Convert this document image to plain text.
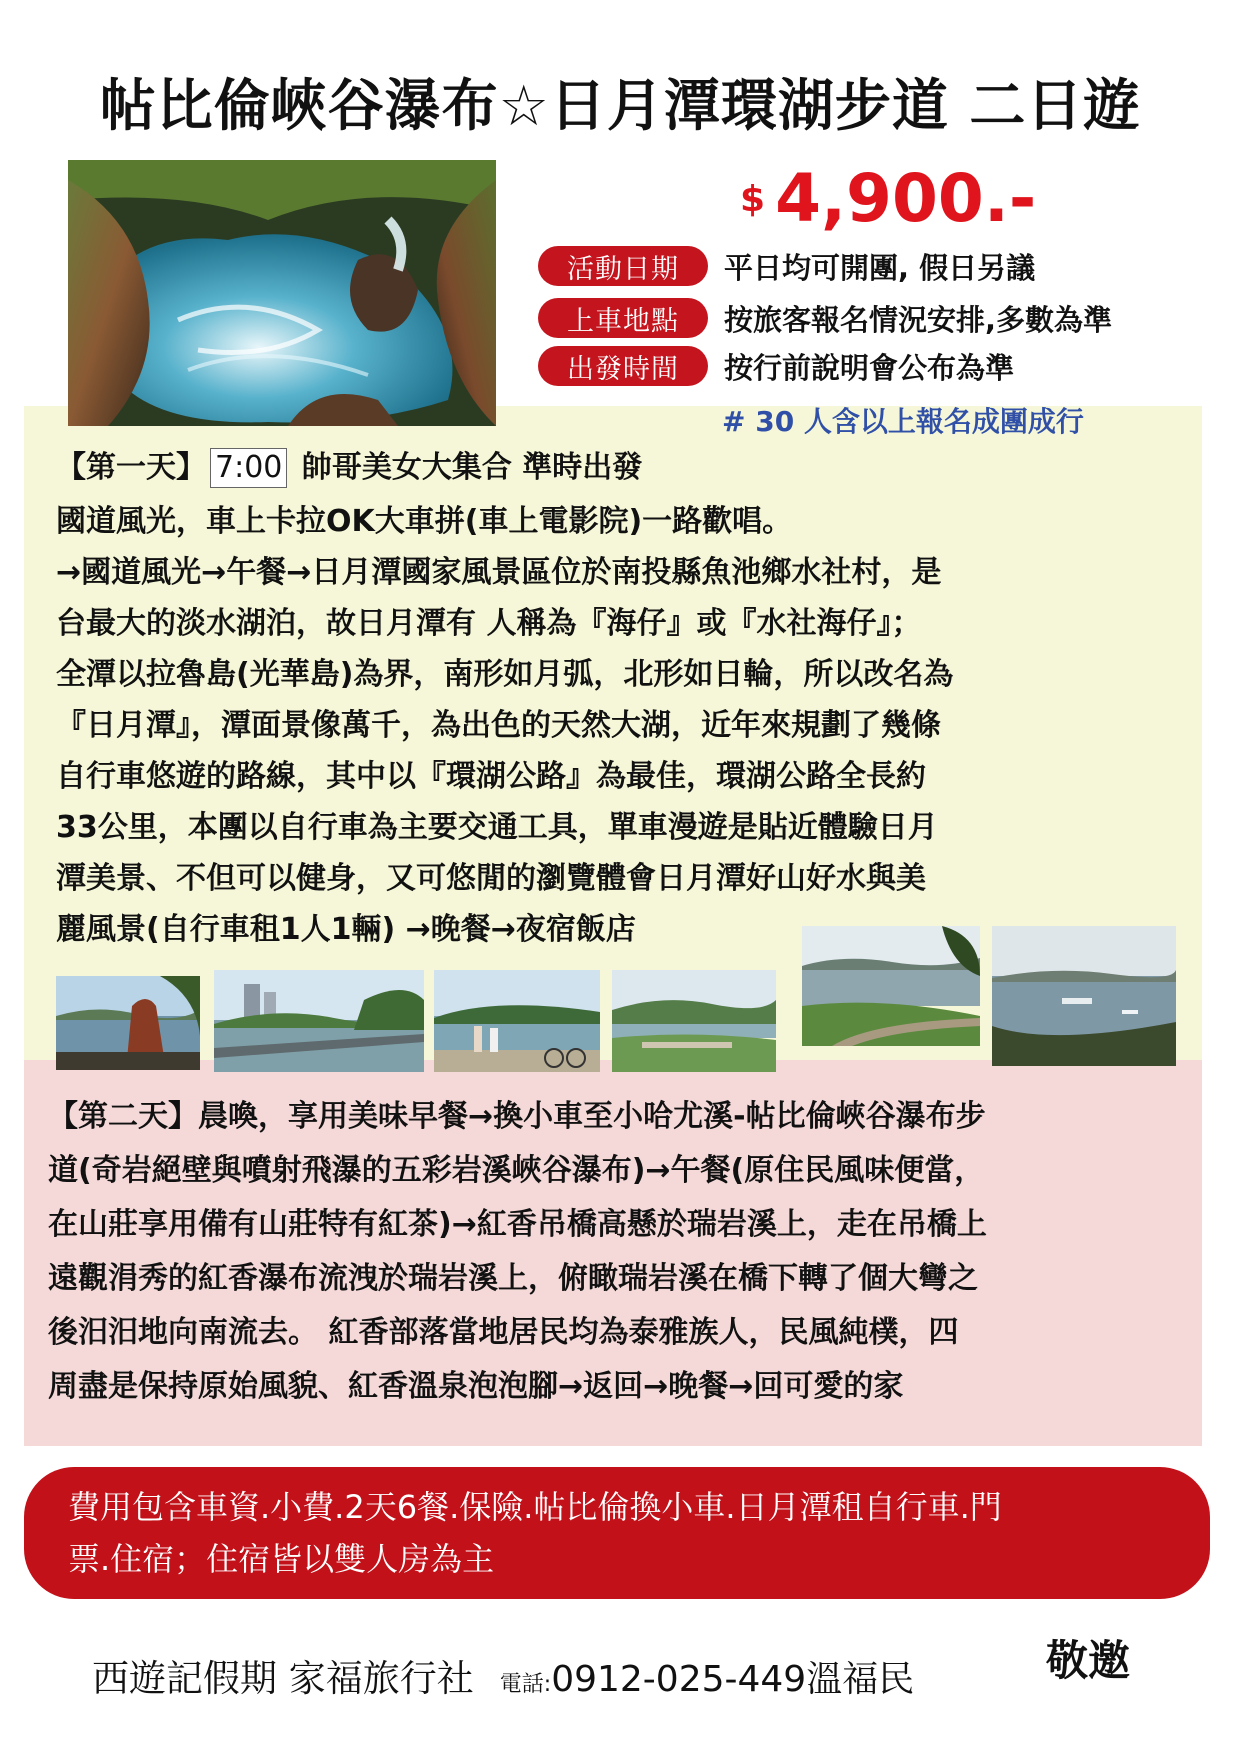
帖比倫峽谷瀑布☆日月潭環湖步道 二日遊
$ 4,900.-
活動日期	平日均可開團, 假日另議
上車地點	按旅客報名情況安排,多數為準
出發時間	按行前說明會公布為準
# 30 人含以上報名成團成行
【第一天】 7:00 帥哥美女大集合 準時出發
國道風光，車上卡拉OK大車拼(車上電影院)一路歡唱。
→國道風光→午餐→日月潭國家風景區位於南投縣魚池鄉水社村，是
台最大的淡水湖泊，故日月潭有 人稱為『海仔』或『水社海仔』；
全潭以拉魯島(光華島)為界，南形如月弧，北形如日輪，所以改名為
『日月潭』，潭面景像萬千，為出色的天然大湖，近年來規劃了幾條
自行車悠遊的路線，其中以『環湖公路』為最佳，環湖公路全長約
33公里，本團以自行車為主要交通工具，單車漫遊是貼近體驗日月
潭美景、不但可以健身，又可悠閒的瀏覽體會日月潭好山好水與美
麗風景(自行車租1人1輛) →晚餐→夜宿飯店
【第二天】晨喚，享用美味早餐→換小車至小哈尤溪-帖比倫峽谷瀑布步
道(奇岩絕壁與噴射飛瀑的五彩岩溪峽谷瀑布)→午餐(原住民風味便當，
在山莊享用備有山莊特有紅茶)→紅香吊橋高懸於瑞岩溪上，走在吊橋上
遠觀涓秀的紅香瀑布流洩於瑞岩溪上，俯瞰瑞岩溪在橋下轉了個大彎之
後汨汨地向南流去。 紅香部落當地居民均為泰雅族人，民風純樸，四
周盡是保持原始風貌、紅香溫泉泡泡腳→返回→晚餐→回可愛的家
費用包含車資.小費.2天6餐.保險.帖比倫換小車.日月潭租自行車.門
票.住宿；住宿皆以雙人房為主
西遊記假期 家福旅行社 電話:0912-025-449溫福民	敬邀
